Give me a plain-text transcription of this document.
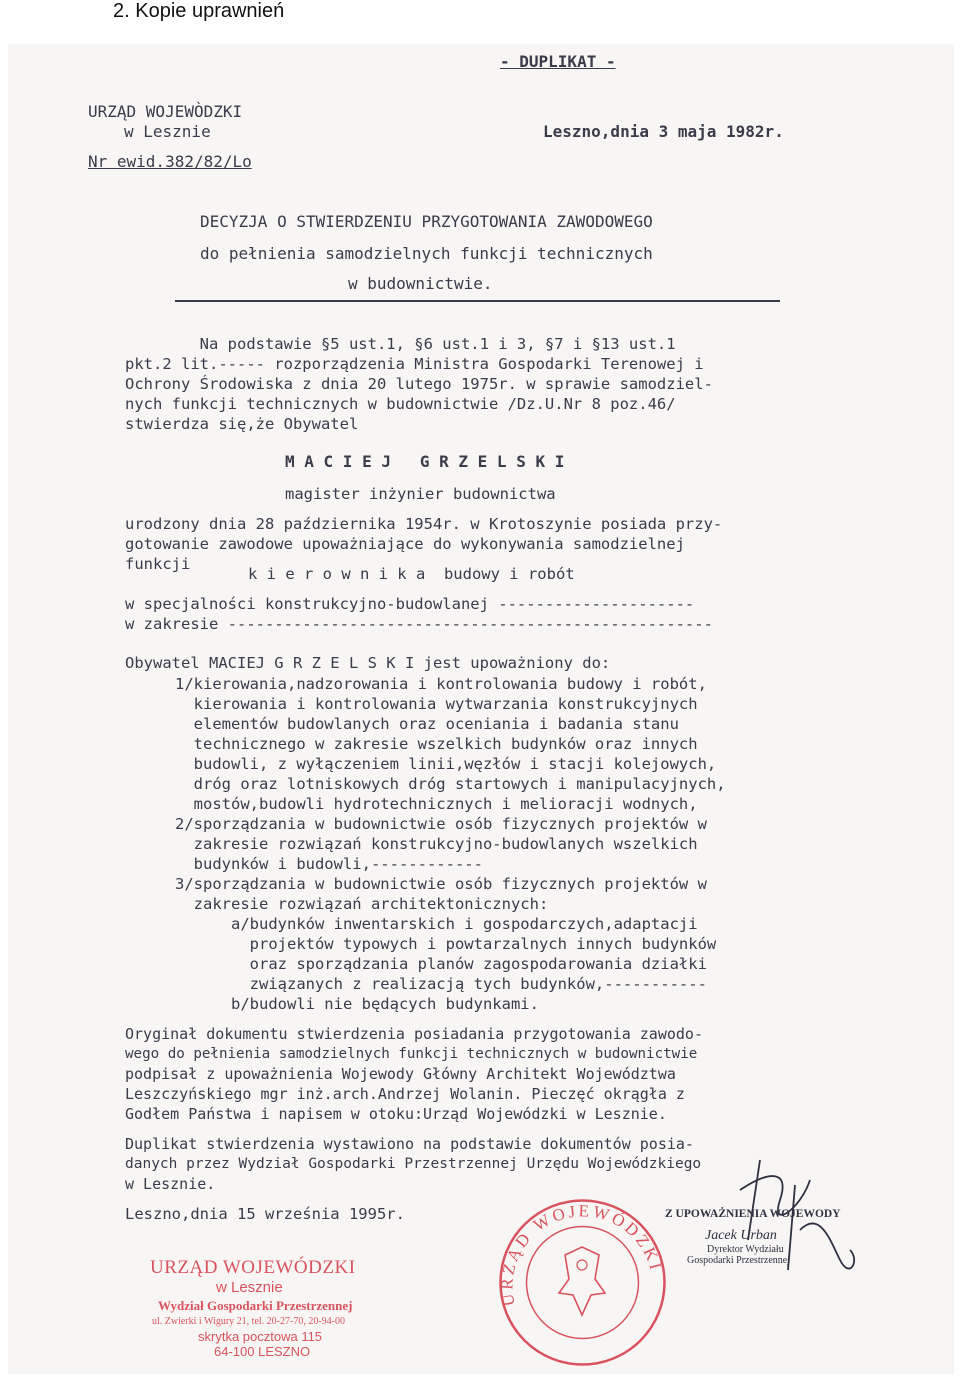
2. Kopie uprawnień
- DUPLIKAT -
URZĄD WOJEWÒDZKI
w Lesznie
Nr ewid.382/82/Lo
Leszno,dnia 3 maja 1982r.
DECYZJA O STWIERDZENIU PRZYGOTOWANIA ZAWODOWEGO
do pełnienia samodzielnych funkcji technicznych
w budownictwie.
Na podstawie §5 ust.1, §6 ust.1 i 3, §7 i §13 ust.1
pkt.2 lit.----- rozporządzenia Ministra Gospodarki Terenowej i
Ochrony Środowiska z dnia 20 lutego 1975r. w sprawie samodziel-
nych funkcji technicznych w budownictwie /Dz.U.Nr 8 poz.46/
stwierdza się,że Obywatel
M A C I E J   G R Z E L S K I
magister inżynier budownictwa
urodzony dnia 28 października 1954r. w Krotoszynie posiada przy-
gotowanie zawodowe upoważniające do wykonywania samodzielnej
funkcji
k i e r o w n i k a  budowy i robót
w specjalności konstrukcyjno-budowlanej ---------------------
w zakresie ----------------------------------------------------
Obywatel MACIEJ G R Z E L S K I jest upoważniony do:
1/kierowania,nadzorowania i kontrolowania budowy i robót,
kierowania i kontrolowania wytwarzania konstrukcyjnych
elementów budowlanych oraz oceniania i badania stanu
technicznego w zakresie wszelkich budynków oraz innych
budowli, z wyłączeniem linii,węzłów i stacji kolejowych,
dróg oraz lotniskowych dróg startowych i manipulacyjnych,
mostów,budowli hydrotechnicznych i melioracji wodnych,
2/sporządzania w budownictwie osób fizycznych projektów w
zakresie rozwiązań konstrukcyjno-budowlanych wszelkich
budynków i budowli,------------
3/sporządzania w budownictwie osób fizycznych projektów w
zakresie rozwiązań architektonicznych:
a/budynków inwentarskich i gospodarczych,adaptacji
projektów typowych i powtarzalnych innych budynków
oraz sporządzania planów zagospodarowania działki
związanych z realizacją tych budynków,-----------
b/budowli nie będących budynkami.
Oryginał dokumentu stwierdzenia posiadania przygotowania zawodo-
wego do pełnienia samodzielnych funkcji technicznych w budownictwie
podpisał z upoważnienia Wojewody Główny Architekt Województwa
Leszczyńskiego mgr inż.arch.Andrzej Wolanin. Pieczęć okrągła z
Godłem Państwa i napisem w otoku:Urząd Wojewódzki w Lesznie.
Duplikat stwierdzenia wystawiono na podstawie dokumentów posia-
danych przez Wydział Gospodarki Przestrzennej Urzędu Wojewódzkiego
w Lesznie.
Leszno,dnia 15 września 1995r.
URZĄD WOJEWÓDZKI
w Lesznie
Wydział Gospodarki Przestrzennej
ul. Zwierki i Wigury 21, tel. 20-27-70, 20-94-00
skrytka pocztowa 115
64-100 LESZNO
URZĄD WOJEWÓDZKI
Z UPOWAŻNIENIA WOJEWODY
Jacek Urban
Dyrektor Wydziału
Gospodarki Przestrzennej
